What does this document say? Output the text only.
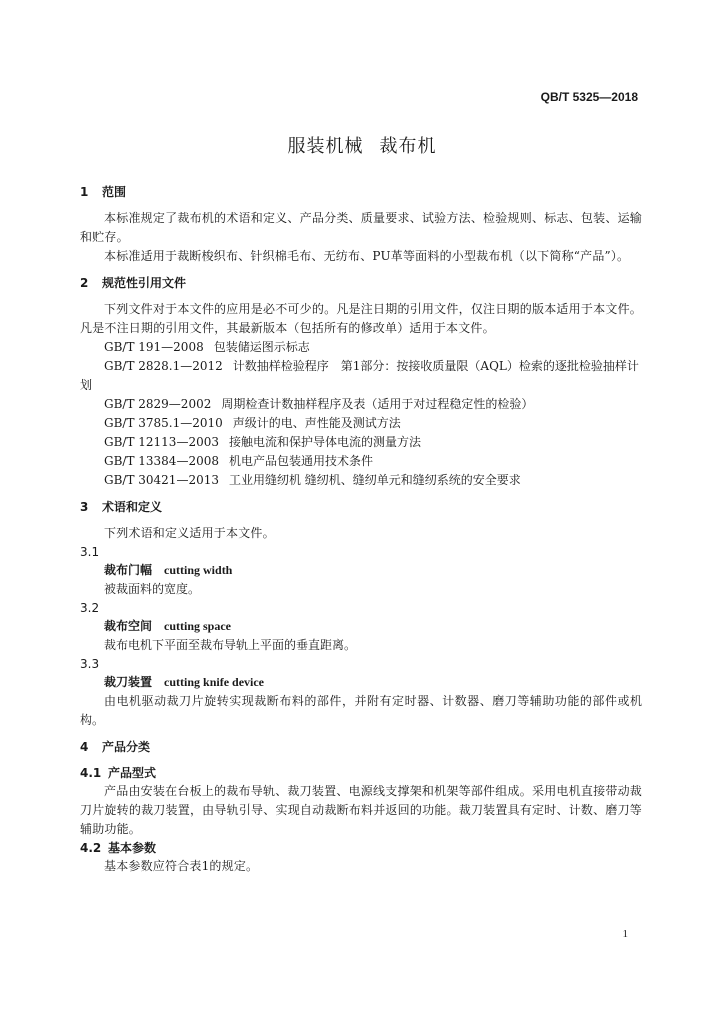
QB/T 5325—2018
服装机械 裁布机
1 范围
本标准规定了裁布机的术语和定义、产品分类、质量要求、试验方法、检验规则、标志、包装、运输和贮存。
本标准适用于裁断梭织布、针织棉毛布、无纺布、PU革等面料的小型裁布机（以下简称“产品”）。
2 规范性引用文件
下列文件对于本文件的应用是必不可少的。凡是注日期的引用文件，仅注日期的版本适用于本文件。凡是不注日期的引用文件，其最新版本（包括所有的修改单）适用于本文件。
GB/T 191—2008 包装储运图示标志
GB/T 2828.1—2012 计数抽样检验程序　第1部分：按接收质量限（AQL）检索的逐批检验抽样计划
GB/T 2829—2002 周期检查计数抽样程序及表（适用于对过程稳定性的检验）
GB/T 3785.1—2010 声级计的电、声性能及测试方法
GB/T 12113—2003 接触电流和保护导体电流的测量方法
GB/T 13384—2008 机电产品包装通用技术条件
GB/T 30421—2013 工业用缝纫机 缝纫机、缝纫单元和缝纫系统的安全要求
3 术语和定义
下列术语和定义适用于本文件。
3.1
裁布门幅 cutting width
被裁面料的宽度。
3.2
裁布空间 cutting space
裁布电机下平面至裁布导轨上平面的垂直距离。
3.3
裁刀装置 cutting knife device
由电机驱动裁刀片旋转实现裁断布料的部件，并附有定时器、计数器、磨刀等辅助功能的部件或机构。
4 产品分类
4.1 产品型式
产品由安装在台板上的裁布导轨、裁刀装置、电源线支撑架和机架等部件组成。采用电机直接带动裁刀片旋转的裁刀装置，由导轨引导、实现自动裁断布料并返回的功能。裁刀装置具有定时、计数、磨刀等辅助功能。
4.2 基本参数
基本参数应符合表1的规定。
1
